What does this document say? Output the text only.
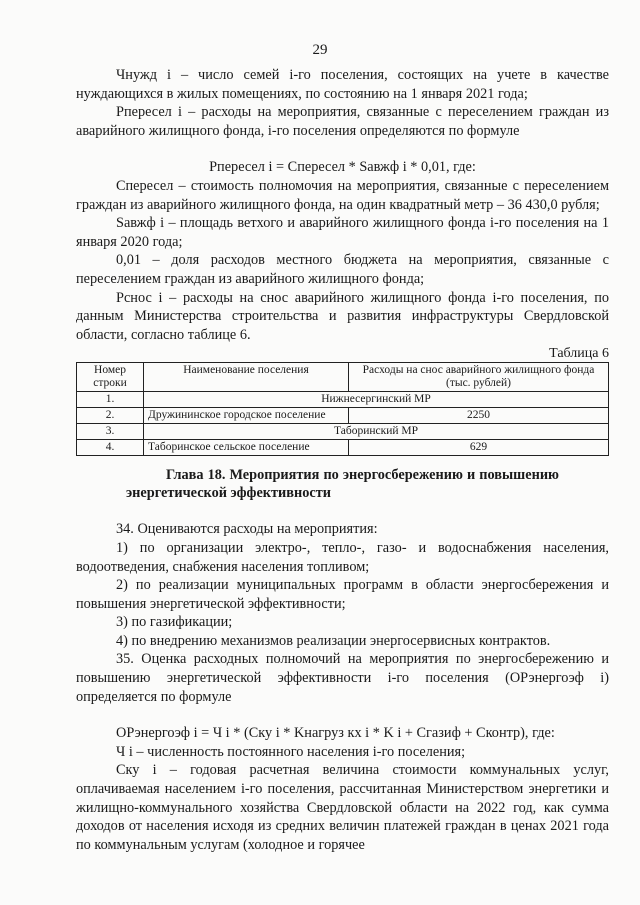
29

Чнужд i – число семей i-го поселения, состоящих на учете в качестве нуждающихся в жилых помещениях, по состоянию на 1 января 2021 года;

Рпересел i – расходы на мероприятия, связанные с переселением граждан из аварийного жилищного фонда, i-го поселения определяются по формуле

Рпересел i = Спересел * Sавжф i * 0,01, где:

Спересел – стоимость полномочия на мероприятия, связанные с переселением граждан из аварийного жилищного фонда, на один квадратный метр – 36 430,0 рубля;

Sавжф i – площадь ветхого и аварийного жилищного фонда i-го поселения на 1 января 2020 года;

0,01 – доля расходов местного бюджета на мероприятия, связанные с переселением граждан из аварийного жилищного фонда;

Рснос i – расходы на снос аварийного жилищного фонда i-го поселения, по данным Министерства строительства и развития инфраструктуры Свердловской области, согласно таблице 6.

Таблица 6
Номер строки	Наименование поселения	Расходы на снос аварийного жилищного фонда (тыс. рублей)
1.	Нижнесергинский МР	
2.	Дружининское городское поселение	2250
3.	Таборинский МР	
4.	Таборинское сельское поселение	629

Глава 18. Мероприятия по энергосбережению и повышению энергетической эффективности

34. Оцениваются расходы на мероприятия:

1) по организации электро-, тепло-, газо- и водоснабжения населения, водоотведения, снабжения населения топливом;

2) по реализации муниципальных программ в области энергосбережения и повышения энергетической эффективности;

3) по газификации;

4) по внедрению механизмов реализации энергосервисных контрактов.

35. Оценка расходных полномочий на мероприятия по энергосбережению и повышению энергетической эффективности i-го поселения (ОРэнергоэф i) определяется по формуле

ОРэнергоэф i = Ч i * (Cку i * Kнагруз кх i * K i + Сгазиф + Сконтр), где:

Ч i – численность постоянного населения i-го поселения;

Cку i – годовая расчетная величина стоимости коммунальных услуг, оплачиваемая населением i-го поселения, рассчитанная Министерством энергетики и жилищно-коммунального хозяйства Свердловской области на 2022 год, как сумма доходов от населения исходя из средних величин платежей граждан в ценах 2021 года по коммунальным услугам (холодное и горячее
